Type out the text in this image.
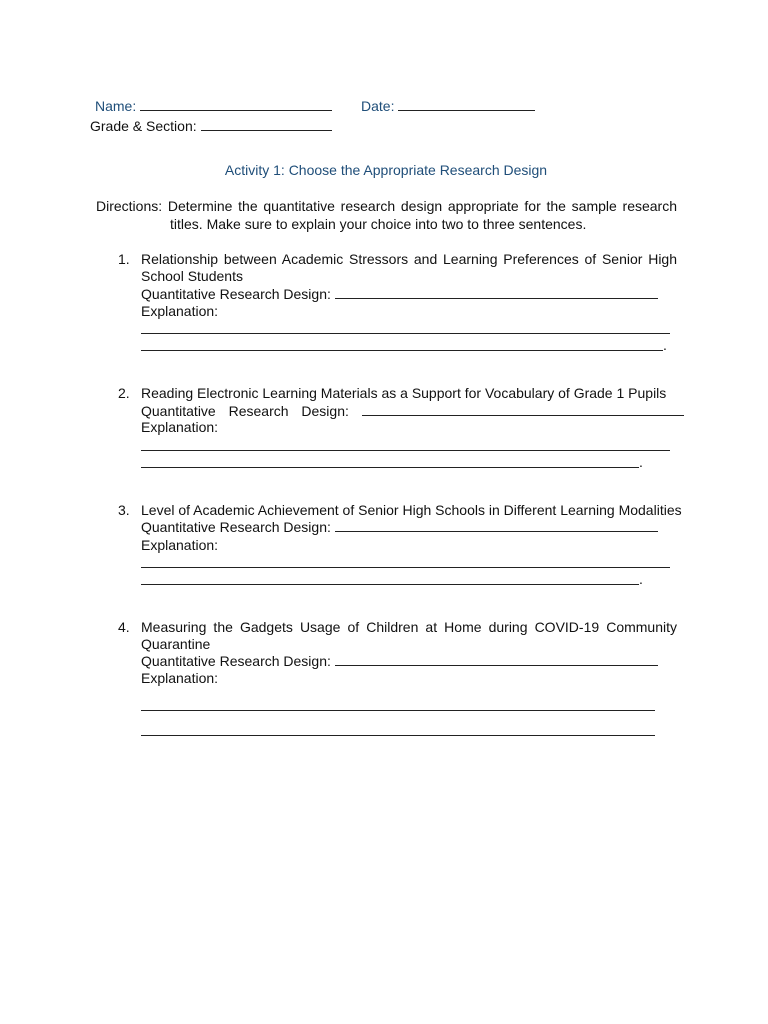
Name:	Date:
Grade & Section:
Activity 1: Choose the Appropriate Research Design
Directions: Determine the quantitative research design appropriate for the sample research
titles. Make sure to explain your choice into two to three sentences.
1. Relationship between Academic Stressors and Learning Preferences of Senior High
School Students
Quantitative Research Design:
Explanation:
.
2. Reading Electronic Learning Materials as a Support for Vocabulary of Grade 1 Pupils
Quantitative Research Design:
Explanation:
.
3. Level of Academic Achievement of Senior High Schools in Different Learning Modalities
Quantitative Research Design:
Explanation:
.
4. Measuring the Gadgets Usage of Children at Home during COVID-19 Community
Quarantine
Quantitative Research Design:
Explanation:
